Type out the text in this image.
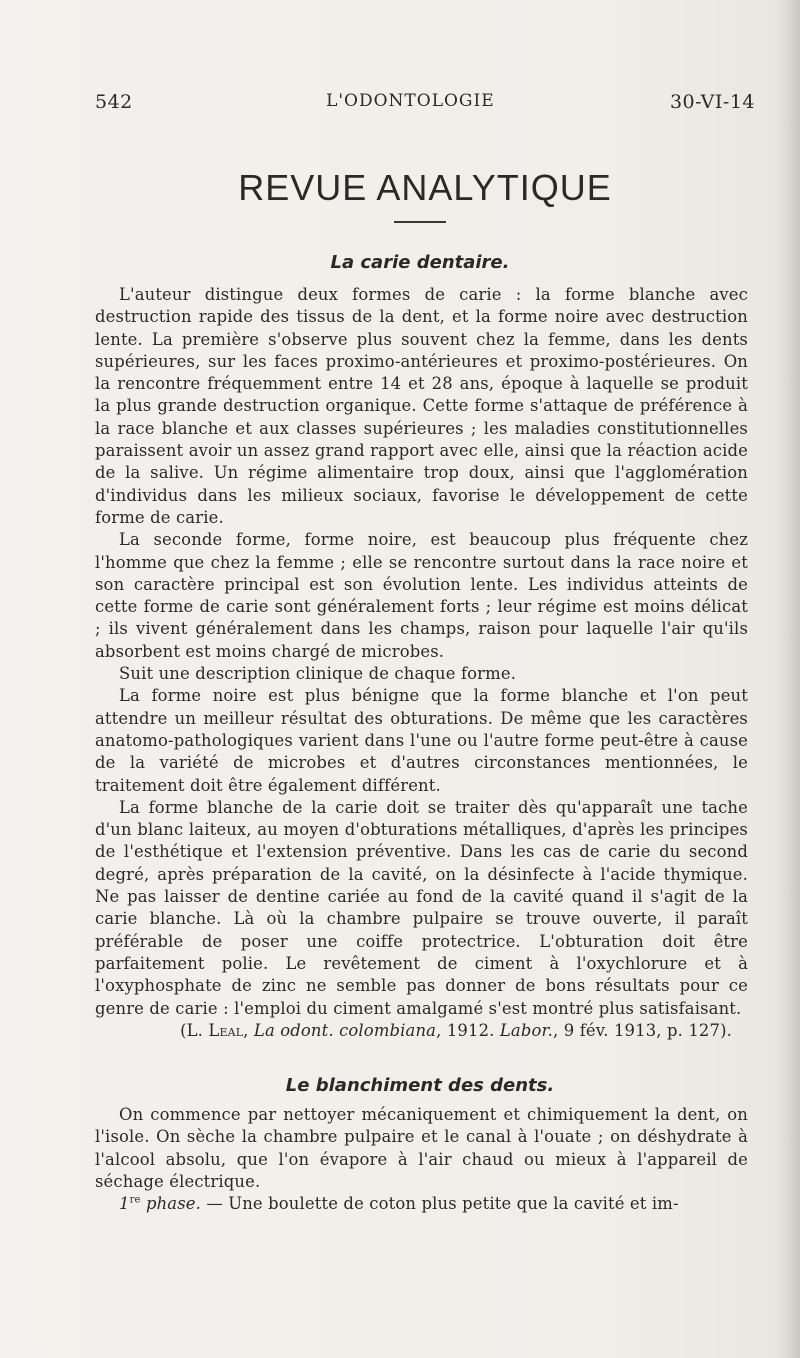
542	L'ODONTOLOGIE	30-VI-14
REVUE ANALYTIQUE
La carie dentaire.

L'auteur distingue deux formes de carie : la forme blanche avec destruction rapide des tissus de la dent, et la forme noire avec destruction lente. La première s'observe plus souvent chez la femme, dans les dents supérieures, sur les faces proximo-antérieures et proximo-postérieures. On la rencontre fréquemment entre 14 et 28 ans, époque à laquelle se produit la plus grande destruction organique. Cette forme s'attaque de préférence à la race blanche et aux classes supérieures ; les maladies constitutionnelles paraissent avoir un assez grand rapport avec elle, ainsi que la réaction acide de la salive. Un régime alimentaire trop doux, ainsi que l'agglomération d'individus dans les milieux sociaux, favorise le développement de cette forme de carie.

La seconde forme, forme noire, est beaucoup plus fréquente chez l'homme que chez la femme ; elle se rencontre surtout dans la race noire et son caractère principal est son évolution lente. Les individus atteints de cette forme de carie sont généralement forts ; leur régime est moins délicat ; ils vivent généralement dans les champs, raison pour laquelle l'air qu'ils absorbent est moins chargé de microbes.

Suit une description clinique de chaque forme.

La forme noire est plus bénigne que la forme blanche et l'on peut attendre un meilleur résultat des obturations. De même que les caractères anatomo-pathologiques varient dans l'une ou l'autre forme peut-être à cause de la variété de microbes et d'autres circonstances mentionnées, le traitement doit être également différent.

La forme blanche de la carie doit se traiter dès qu'apparaît une tache d'un blanc laiteux, au moyen d'obturations métalliques, d'après les principes de l'esthétique et l'extension préventive. Dans les cas de carie du second degré, après préparation de la cavité, on la désinfecte à l'acide thymique. Ne pas laisser de dentine cariée au fond de la cavité quand il s'agit de la carie blanche. Là où la chambre pulpaire se trouve ouverte, il paraît préférable de poser une coiffe protectrice. L'obturation doit être parfaitement polie. Le revêtement de ciment à l'oxychlorure et à l'oxyphosphate de zinc ne semble pas donner de bons résultats pour ce genre de carie : l'emploi du ciment amalgamé s'est montré plus satisfaisant.

(L. Leal, La odont. colombiana, 1912. Labor., 9 fév. 1913, p. 127).
Le blanchiment des dents.

On commence par nettoyer mécaniquement et chimiquement la dent, on l'isole. On sèche la chambre pulpaire et le canal à l'ouate ; on déshydrate à l'alcool absolu, que l'on évapore à l'air chaud ou mieux à l'appareil de séchage électrique.

1re phase. — Une boulette de coton plus petite que la cavité et im-
